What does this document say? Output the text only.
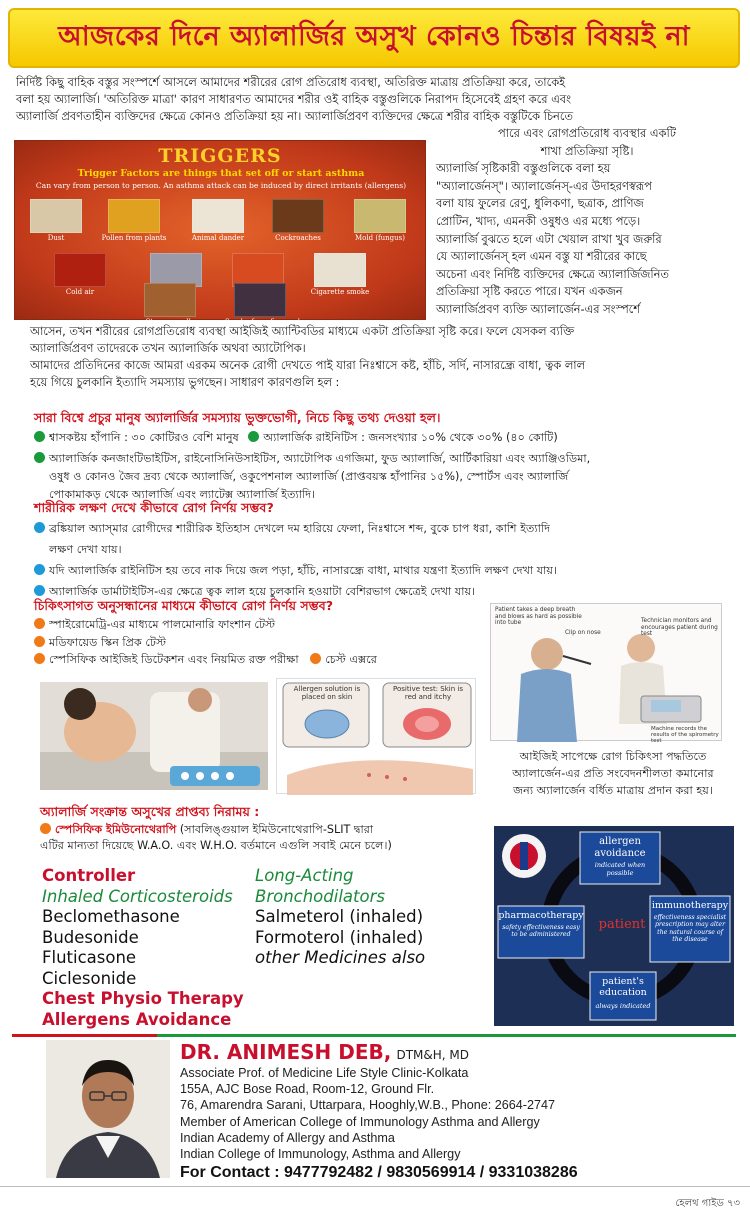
আজকের দিনে অ্যালার্জির অসুখ কোনও চিন্তার বিষয়ই না
নির্দিষ্ট কিছু বাহিক বস্তুর সংস্পর্শে আসলে আমাদের শরীরের রোগ প্রতিরোধ ব্যবস্থা, অতিরিক্ত মাত্রায় প্রতিক্রিয়া করে, তাকেই
বলা হয় অ্যালার্জি। 'অতিরিক্ত মাত্রা' কারণ সাধারণত আমাদের শরীর ওই বাহিক বস্তুগুলিকে নিরাপদ হিসেবেই গ্রহণ করে এবং
অ্যালার্জি প্রবণতাহীন ব্যক্তিদের ক্ষেত্রে কোনও প্রতিক্রিয়া হয় না। অ্যালার্জিপ্রবণ ব্যক্তিদের ক্ষেত্রে শরীর বাহিক বস্তুটিকে চিনতে
TRIGGERS
Trigger Factors are things that set off or start asthma
Can vary from person to person. An asthma attack can be induced by direct irritants (allergens)
Dust	Pollen from plants	Animal dander	Cockroaches	Mold (fungus)
Cold air	Cigarette smoke
Strong smells	Smoke from firecrackers
পারে এবং রোগপ্রতিরোধ ব্যবস্থার একটি
শাখা প্রতিক্রিয়া সৃষ্টি।
অ্যালার্জি সৃষ্টিকারী বস্তুগুলিকে বলা হয়
"অ্যালার্জেনস্"। অ্যালার্জেনস্-এর উদাহরণস্বরূপ
বলা যায় ফুলের রেণু, ধুলিকণা, ছত্রাক, প্রাণিজ
প্রোটিন, খাদ্য, এমনকী ওষুধও এর মধ্যে পড়ে।
অ্যালার্জি বুঝতে হলে এটা খেয়াল রাখা খুব জরুরি
যে অ্যালার্জেনস্ হল এমন বস্তু যা শরীরের কাছে
অচেনা এবং নির্দিষ্ট ব্যক্তিদের ক্ষেত্রে অ্যালার্জিজনিত
প্রতিক্রিয়া সৃষ্টি করতে পারে। যখন একজন
অ্যালার্জিপ্রবণ ব্যক্তি অ্যালার্জেন-এর সংস্পর্শে
আসেন, তখন শরীরের রোগপ্রতিরোধ ব্যবস্থা আইজিই অ্যান্টিবডির মাধ্যমে একটা প্রতিক্রিয়া সৃষ্টি করে। ফলে যেসকল ব্যক্তি
অ্যালার্জিপ্রবণ তাদেরকে তখন অ্যালার্জিক অথবা অ্যাটোপিক।
আমাদের প্রতিদিনের কাজে আমরা এরকম অনেক রোগী দেখতে পাই যারা নিঃশ্বাসে কষ্ট, হাঁচি, সর্দি, নাসারন্ধ্রে বাধা, ত্বক লাল
হয়ে গিয়ে চুলকানি ইত্যাদি সমস্যায় ভুগছেন। সাধারণ কারণগুলি হল :
সারা বিশ্বে প্রচুর মানুষ অ্যালার্জির সমস্যায় ভুক্তভোগী, নিচে কিছু তথ্য দেওয়া হল।
শ্বাসকষ্টয় হাঁপানি : ৩০ কোটিরও বেশি মানুষ অ্যালার্জিক রাইনিটিস : জনসংখ্যার ১০% থেকে ৩০% (৪০ কোটি)
অ্যালার্জিক কনজাংটিভাইটিস, রাইনোসিনিউসাইটিস, অ্যাটোপিক এগজিমা, ফুড অ্যালার্জি, আর্টিকারিয়া এবং অ্যাঞ্জিওডিমা,
ওষুধ ও কোনও জৈব দ্রব্য থেকে অ্যালার্জি, ওকুপেশনাল অ্যালার্জি (প্রাপ্তবয়স্ক হাঁপানির ১৫%), স্পোর্টস এবং অ্যালার্জি
পোকামাকড় থেকে অ্যালার্জি এবং ল্যাটেক্স অ্যালার্জি ইত্যাদি।
শারীরিক লক্ষণ দেখে কীভাবে রোগ নির্ণয় সম্ভব?
ব্রঙ্কিয়াল অ্যাস্‌মার রোগীদের শারীরিক ইতিহাস দেখলে দম হারিয়ে ফেলা, নিঃশ্বাসে শব্দ, বুকে চাপ ধরা, কাশি ইত্যাদি
লক্ষণ দেখা যায়।
যদি অ্যালার্জিক রাইনিটিস হয় তবে নাক দিয়ে জল পড়া, হাঁচি, নাসারন্ধ্রে বাধা, মাথার যন্ত্রণা ইত্যাদি লক্ষণ দেখা যায়।
অ্যালার্জিক ডার্মাটাইটিস-এর ক্ষেত্রে ত্বক লাল হয়ে চুলকানি হওয়াটা বেশিরভাগ ক্ষেত্রেই দেখা যায়।
চিকিৎসাগত অনুসন্ধানের মাধ্যমে কীভাবে রোগ নির্ণয় সম্ভব?
স্পাইরোমেট্রি-এর মাধ্যমে পালমোনারি ফাংশান টেস্ট
মডিফায়েড স্কিন প্রিক টেস্ট
স্পেসিফিক আইজিই ডিটেকশন এবং নিয়মিত রক্ত পরীক্ষা চেস্ট এক্সরে
Allergen solution is placed on skin
Positive test: Skin is red and itchy
Patient takes a deep breath and blows as hard as possible into tube
Clip on nose
Technician monitors and encourages patient during test
Machine records the results of the spirometry test
আইজিই সাপেক্ষে রোগ চিকিৎসা পদ্ধতিতে
অ্যালার্জেন-এর প্রতি সংবেদনশীলতা কমানোর
জন্য অ্যালার্জেন বর্ধিত মাত্রায় প্রদান করা হয়।
অ্যালার্জি সংক্রান্ত অসুখের প্রাপ্তব্য নিরাময় :
স্পেসিফিক ইমিউনোথেরাপি (সাবলিঙ্গুয়াল ইমিউনোথেরাপি-SLIT দ্বারা
এটির মান্যতা দিয়েছে W.A.O. এবং W.H.O. বর্তমানে এগুলি সবাই মেনে চলে।)
Controller
Inhaled Corticosteroids
Beclomethasone
Budesonide
Fluticasone
Ciclesonide
Chest Physio Therapy
Allergens Avoidance
Long-Acting
Bronchodilators
Salmeterol (inhaled)
Formoterol (inhaled)
other Medicines also
patient
allergen avoidance
indicated when possible
immunotherapy
effectiveness specialist prescription may alter the natural course of the disease
patient's education
always indicated
pharmacotherapy
safety effectiveness easy to be administered
DR. ANIMESH DEB, DTM&H, MD
Associate Prof. of Medicine Life Style Clinic-Kolkata
155A, AJC Bose Road, Room-12, Ground Flr.
76, Amarendra Sarani, Uttarpara, Hooghly,W.B., Phone: 2664-2747
Member of American College of Immunology Asthma and Allergy
Indian Academy of Allergy and Asthma
Indian College of Immunology, Asthma and Allergy
For Contact : 9477792482 / 9830569914 / 9331038286
হেলথ গাইড ৭৩
